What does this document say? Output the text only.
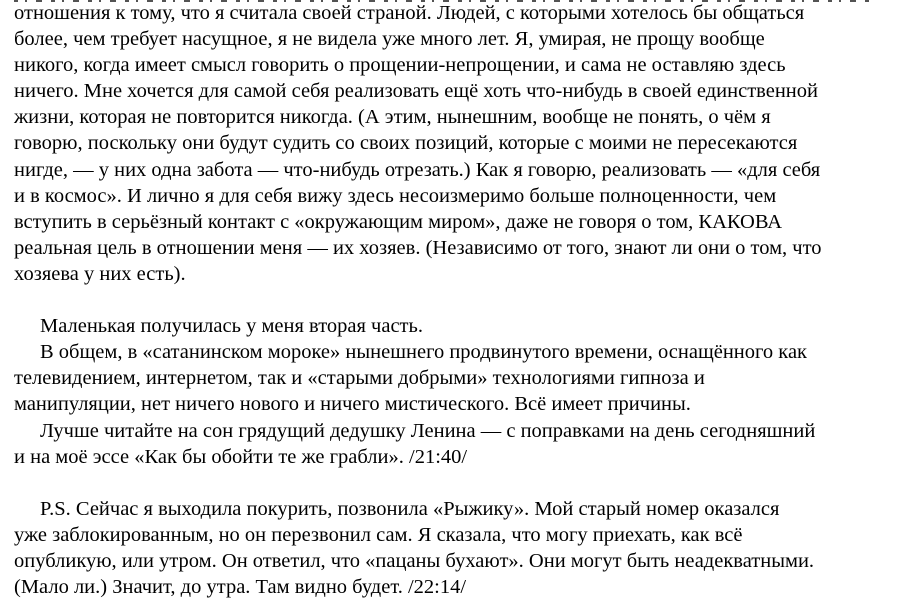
отношения к тому, что я считала своей страной. Людей, с которыми хотелось бы общаться
более, чем требует насущное, я не видела уже много лет. Я, умирая, не прощу вообще
никого, когда имеет смысл говорить о прощении-непрощении, и сама не оставляю здесь
ничего. Мне хочется для самой себя реализовать ещё хоть что-нибудь в своей единственной
жизни, которая не повторится никогда. (А этим, нынешним, вообще не понять, о чём я
говорю, поскольку они будут судить со своих позиций, которые с моими не пересекаются
нигде, — у них одна забота — что-нибудь отрезать.) Как я говорю, реализовать — «для себя
и в космос». И лично я для себя вижу здесь несоизмеримо больше полноценности, чем
вступить в серьёзный контакт с «окружающим миром», даже не говоря о том, КАКОВА
реальная цель в отношении меня — их хозяев. (Независимо от того, знают ли они о том, что
хозяева у них есть).
Маленькая получилась у меня вторая часть.
В общем, в «сатанинском мороке» нынешнего продвинутого времени, оснащённого как
телевидением, интернетом, так и «старыми добрыми» технологиями гипноза и
манипуляции, нет ничего нового и ничего мистического. Всё имеет причины.
Лучше читайте на сон грядущий дедушку Ленина — с поправками на день сегодняшний
и на моё эссе «Как бы обойти те же грабли». /21:40/
P.S. Сейчас я выходила покурить, позвонила «Рыжику». Мой старый номер оказался
уже заблокированным, но он перезвонил сам. Я сказала, что могу приехать, как всё
опубликую, или утром. Он ответил, что «пацаны бухают». Они могут быть неадекватными.
(Мало ли.) Значит, до утра. Там видно будет. /22:14/
